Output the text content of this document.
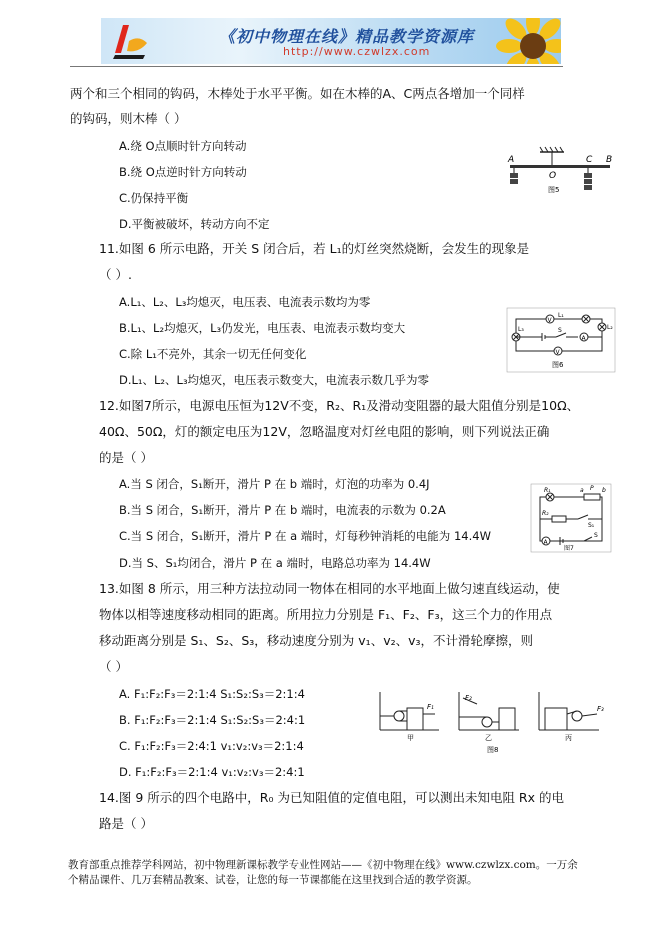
《初中物理在线》精品教学资源库
http://www.czwlzx.com
两个和三个相同的钩码，木棒处于水平平衡。如在木棒的A、C两点各增加一个同样
的钩码，则木棒（ ）
A.绕 O点顺时针方向转动
B.绕 O点逆时针方向转动
C.仍保持平衡
D.平衡被破坏，转动方向不定
11.如图 6 所示电路，开关 S 闭合后，若 L₁的灯丝突然烧断，会发生的现象是
（ ）.
A.L₁、L₂、L₃均熄灭，电压表、电流表示数均为零
B.L₁、L₂均熄灭，L₃仍发光，电压表、电流表示数均变大
C.除 L₁不亮外，其余一切无任何变化
D.L₁、L₂、L₃均熄灭，电压表示数变大，电流表示数几乎为零
12.如图7所示，电源电压恒为12V不变，R₂、R₁及滑动变阻器的最大阻值分别是10Ω、
40Ω、50Ω，灯的额定电压为12V，忽略温度对灯丝电阻的影响，则下列说法正确
的是（ ）
A.当 S 闭合，S₁断开，滑片 P 在 b 端时，灯泡的功率为 0.4J
B.当 S 闭合，S₁断开，滑片 P 在 b 端时，电流表的示数为 0.2A
C.当 S 闭合，S₁断开，滑片 P 在 a 端时，灯每秒钟消耗的电能为 14.4W
D.当 S、S₁均闭合，滑片 P 在 a 端时，电路总功率为 14.4W
13.如图 8 所示，用三种方法拉动同一物体在相同的水平地面上做匀速直线运动，使
物体以相等速度移动相同的距离。所用拉力分别是 F₁、F₂、F₃，这三个力的作用点
移动距离分别是 S₁、S₂、S₃，移动速度分别为 v₁、v₂、v₃，不计滑轮摩擦，则
（ ）
A. F₁:F₂:F₃＝2:1:4 S₁:S₂:S₃＝2:1:4
B. F₁:F₂:F₃＝2:1:4 S₁:S₂:S₃＝2:4:1
C. F₁:F₂:F₃＝2:4:1 v₁:v₂:v₃＝2:1:4
D. F₁:F₂:F₃＝2:1:4 v₁:v₂:v₃＝2:4:1
14.图 9 所示的四个电路中，R₀ 为已知阻值的定值电阻，可以测出未知电阻 Rx 的电
路是（ ）
A	C B
O
图5
V
L₁
L₃	L₂
S
A
V
图6
R₁	a P b
R₂
S₁
A
S
图7
F₁
甲
F₂
乙
F₃
丙
图8
教育部重点推荐学科网站，初中物理新课标教学专业性网站——《初中物理在线》www.czwlzx.com。一万余
个精品课件、几万套精品教案、试卷，让您的每一节课都能在这里找到合适的教学资源。
